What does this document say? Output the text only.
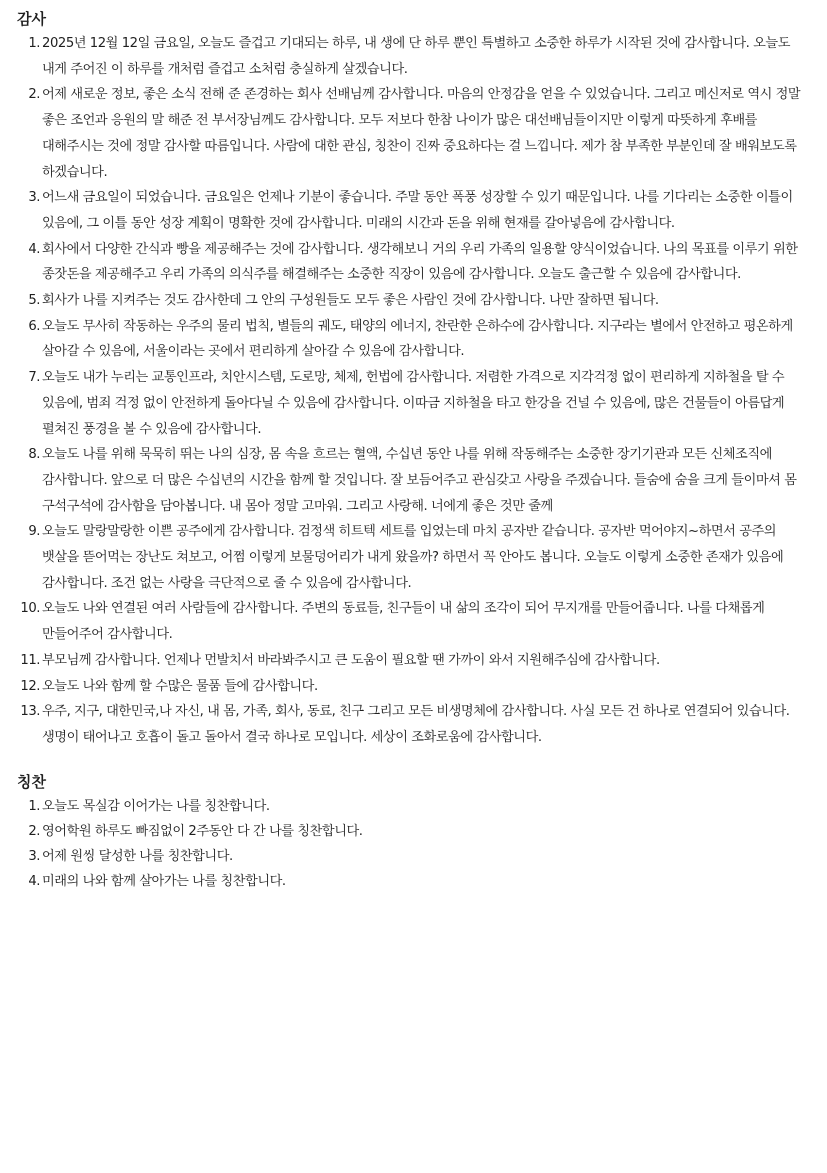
감사
1. 2025년 12월 12일 금요일, 오늘도 즐겁고 기대되는 하루, 내 생에 단 하루 뿐인 특별하고 소중한 하루가 시작된 것에 감사합니다. 오늘도 내게 주어진 이 하루를 개처럼 즐겁고 소처럼 충실하게 살겠습니다.
2. 어제 새로운 정보, 좋은 소식 전해 준 존경하는 회사 선배님께 감사합니다. 마음의 안정감을 얻을 수 있었습니다. 그리고 메신저로 역시 정말 좋은 조언과 응원의 말 해준 전 부서장님께도 감사합니다. 모두 저보다 한참 나이가 많은 대선배님들이지만 이렇게 따뜻하게 후배를 대해주시는 것에 정말 감사할 따름입니다. 사람에 대한 관심, 칭찬이 진짜 중요하다는 걸 느낍니다. 제가 참 부족한 부분인데 잘 배워보도록 하겠습니다.
3. 어느새 금요일이 되었습니다. 금요일은 언제나 기분이 좋습니다. 주말 동안 폭풍 성장할 수 있기 때문입니다. 나를 기다리는 소중한 이틀이 있음에, 그 이틀 동안 성장 계획이 명확한 것에 감사합니다. 미래의 시간과 돈을 위해 현재를 갈아넣음에 감사합니다.
4. 회사에서 다양한 간식과 빵을 제공해주는 것에 감사합니다. 생각해보니 거의 우리 가족의 일용할 양식이었습니다. 나의 목표를 이루기 위한 종잣돈을 제공해주고 우리 가족의 의식주를 해결해주는 소중한 직장이 있음에 감사합니다. 오늘도 출근할 수 있음에 감사합니다.
5. 회사가 나를 지켜주는 것도 감사한데 그 안의 구성원들도 모두 좋은 사람인 것에 감사합니다. 나만 잘하면 됩니다.
6. 오늘도 무사히 작동하는 우주의 물리 법칙, 별들의 궤도, 태양의 에너지, 찬란한 은하수에 감사합니다. 지구라는 별에서 안전하고 평온하게 살아갈 수 있음에, 서울이라는 곳에서 편리하게 살아갈 수 있음에 감사합니다.
7. 오늘도 내가 누리는 교통인프라, 치안시스템, 도로망, 체제, 헌법에 감사합니다. 저렴한 가격으로 지각걱정 없이 편리하게 지하철을 탈 수 있음에, 범죄 걱정 없이 안전하게 돌아다닐 수 있음에 감사합니다. 이따금 지하철을 타고 한강을 건널 수 있음에, 많은 건물들이 아름답게 펼쳐진 풍경을 볼 수 있음에 감사합니다.
8. 오늘도 나를 위해 묵묵히 뛰는 나의 심장, 몸 속을 흐르는 혈액, 수십년 동안 나를 위해 작동해주는 소중한 장기기관과 모든 신체조직에 감사합니다. 앞으로 더 많은 수십년의 시간을 함께 할 것입니다. 잘 보듬어주고 관심갖고 사랑을 주겠습니다. 들숨에 숨을 크게 들이마셔 몸 구석구석에 감사함을 담아봅니다. 내 몸아 정말 고마워. 그리고 사랑해. 너에게 좋은 것만 줄께
9. 오늘도 말랑말랑한 이쁜 공주에게 감사합니다. 검정색 히트텍 세트를 입었는데 마치 공자반 같습니다. 공자반 먹어야지~하면서 공주의 뱃살을 뜯어먹는 장난도 쳐보고, 어쩜 이렇게 보물덩어리가 내게 왔을까? 하면서 꼭 안아도 봅니다. 오늘도 이렇게 소중한 존재가 있음에 감사합니다. 조건 없는 사랑을 극단적으로 줄 수 있음에 감사합니다.
10. 오늘도 나와 연결된 여러 사람들에 감사합니다. 주변의 동료들, 친구들이 내 삶의 조각이 되어 무지개를 만들어줍니다. 나를 다채롭게 만들어주어 감사합니다.
11. 부모님께 감사합니다. 언제나 먼발치서 바라봐주시고 큰 도움이 필요할 땐 가까이 와서 지원해주심에 감사합니다.
12. 오늘도 나와 함께 할 수많은 물품 들에 감사합니다.
13. 우주, 지구, 대한민국,나 자신, 내 몸, 가족, 회사, 동료, 친구 그리고 모든 비생명체에 감사합니다. 사실 모든 건 하나로 연결되어 있습니다. 생명이 태어나고 호흡이 돌고 돌아서 결국 하나로 모입니다. 세상이 조화로움에 감사합니다.
칭찬
1. 오늘도 목실감 이어가는 나를 칭찬합니다.
2. 영어학원 하루도 빠짐없이 2주동안 다 간 나를 칭찬합니다.
3. 어제 원씽 달성한 나를 칭찬합니다.
4. 미래의 나와 함께 살아가는 나를 칭찬합니다.
